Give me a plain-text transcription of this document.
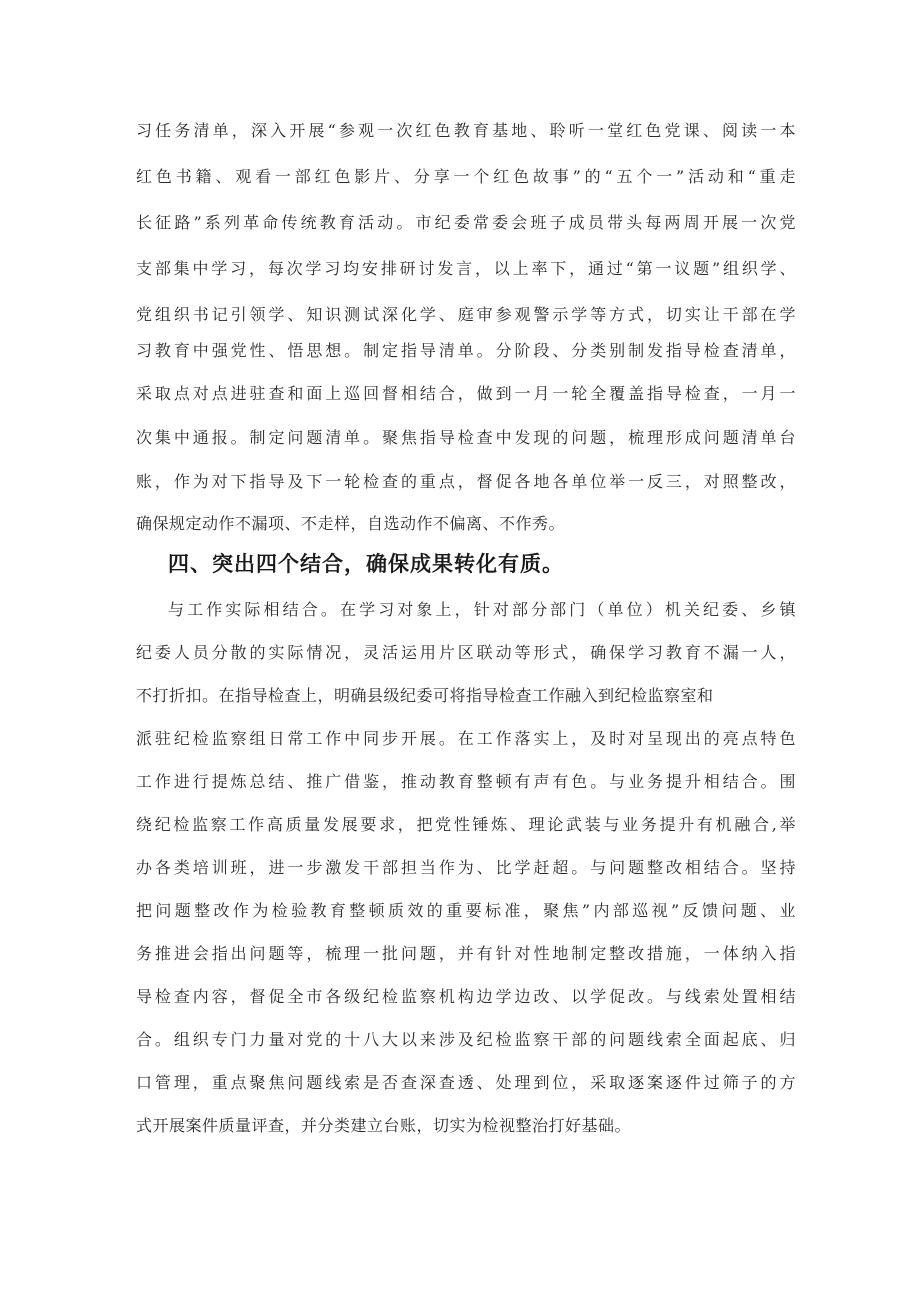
习任务清单，深入开展“参观一次红色教育基地、聆听一堂红色党课、阅读一本
红色书籍、观看一部红色影片、分享一个红色故事”的“五个一”活动和“重走
长征路”系列革命传统教育活动。市纪委常委会班子成员带头每两周开展一次党
支部集中学习，每次学习均安排研讨发言，以上率下，通过“第一议题”组织学、
党组织书记引领学、知识测试深化学、庭审参观警示学等方式，切实让干部在学
习教育中强党性、悟思想。制定指导清单。分阶段、分类别制发指导检查清单，
采取点对点进驻查和面上巡回督相结合，做到一月一轮全覆盖指导检查，一月一
次集中通报。制定问题清单。聚焦指导检查中发现的问题，梳理形成问题清单台
账，作为对下指导及下一轮检查的重点，督促各地各单位举一反三，对照整改，
确保规定动作不漏项、不走样，自选动作不偏离、不作秀。
四、突出四个结合，确保成果转化有质。
与工作实际相结合。在学习对象上，针对部分部门（单位）机关纪委、乡镇
纪委人员分散的实际情况，灵活运用片区联动等形式，确保学习教育不漏一人，
不打折扣。在指导检查上，明确县级纪委可将指导检查工作融入到纪检监察室和
派驻纪检监察组日常工作中同步开展。在工作落实上，及时对呈现出的亮点特色
工作进行提炼总结、推广借鉴，推动教育整顿有声有色。与业务提升相结合。围
绕纪检监察工作高质量发展要求，把党性锤炼、理论武装与业务提升有机融合,举
办各类培训班，进一步激发干部担当作为、比学赶超。与问题整改相结合。坚持
把问题整改作为检验教育整顿质效的重要标准，聚焦”内部巡视”反馈问题、业
务推进会指出问题等，梳理一批问题，并有针对性地制定整改措施，一体纳入指
导检查内容，督促全市各级纪检监察机构边学边改、以学促改。与线索处置相结
合。组织专门力量对党的十八大以来涉及纪检监察干部的问题线索全面起底、归
口管理，重点聚焦问题线索是否查深查透、处理到位，采取逐案逐件过筛子的方
式开展案件质量评查，并分类建立台账，切实为检视整治打好基础。
